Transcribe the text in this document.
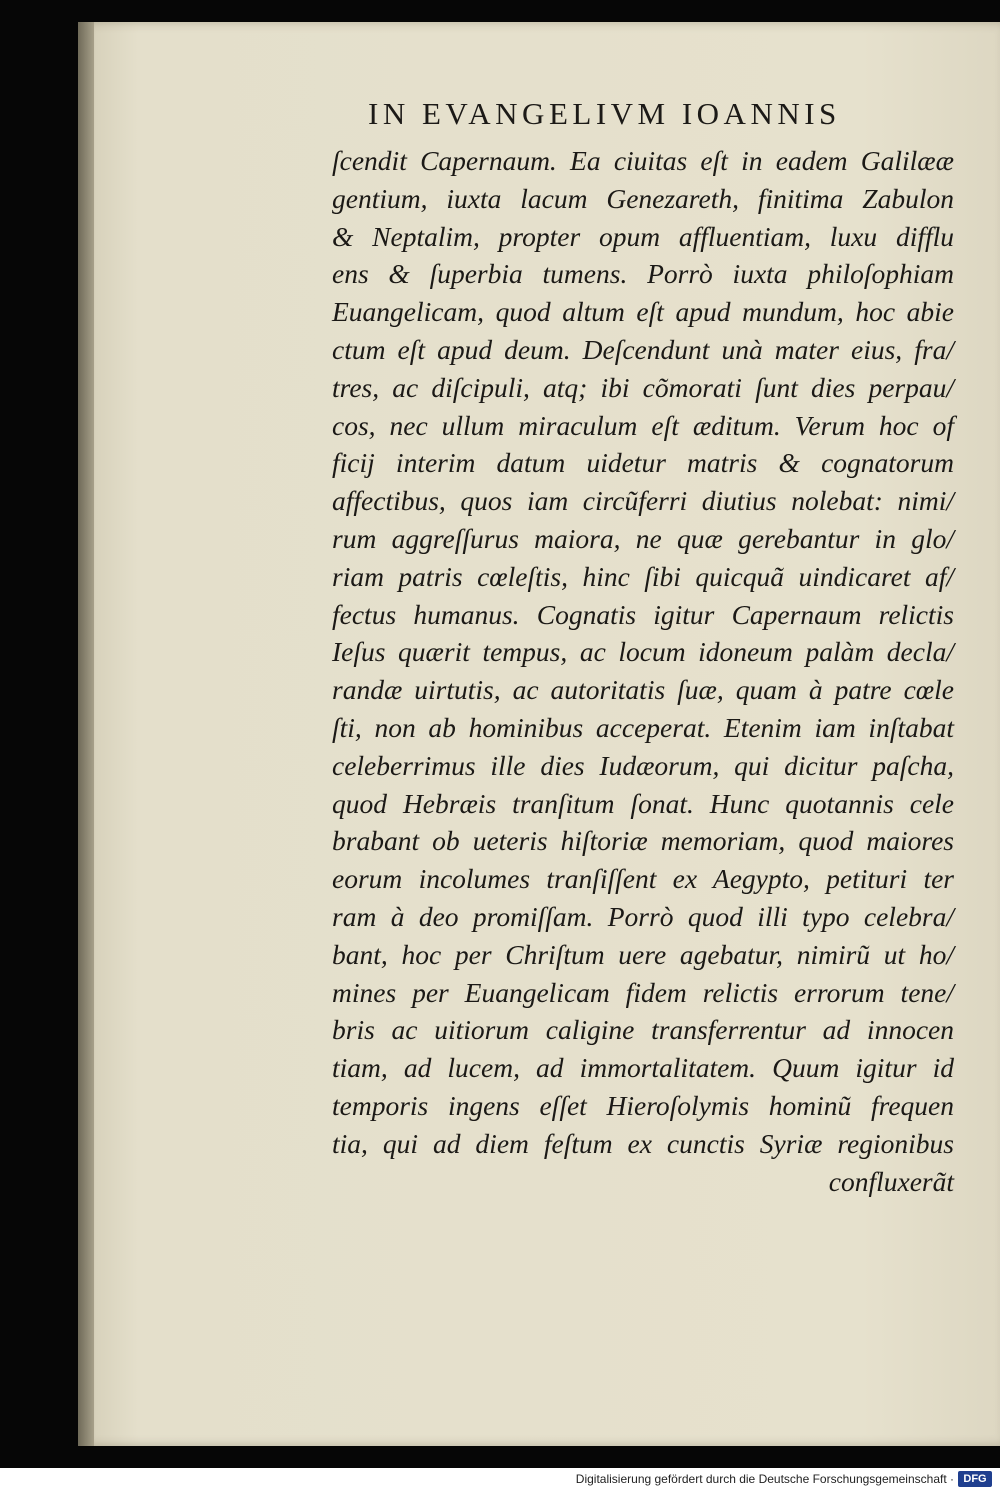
IN EVANGELIVM IOANNIS
ſcendit Capernaum. Ea ciuitas eſt in eadem Galilææ
gentium, iuxta lacum Genezareth, finitima Zabulon
& Neptalim, propter opum affluentiam, luxu difflu
ens & ſuperbia tumens. Porrò iuxta philoſophiam
Euangelicam, quod altum eſt apud mundum, hoc abie
ctum eſt apud deum. Deſcendunt unà mater eius, fra/
tres, ac diſcipuli, atq; ibi cõmorati ſunt dies perpau/
cos, nec ullum miraculum eſt æditum. Verum hoc of
ficij interim datum uidetur matris & cognatorum
affectibus, quos iam circũferri diutius nolebat: nimi/
rum aggreſſurus maiora, ne quæ gerebantur in glo/
riam patris cœleſtis, hinc ſibi quicquã uindicaret af/
fectus humanus. Cognatis igitur Capernaum relictis
Ieſus quærit tempus, ac locum idoneum palàm decla/
randæ uirtutis, ac autoritatis ſuæ, quam à patre cœle
ſti, non ab hominibus acceperat. Etenim iam inſtabat
celeberrimus ille dies Iudæorum, qui dicitur paſcha,
quod Hebræis tranſitum ſonat. Hunc quotannis cele
brabant ob ueteris hiſtoriæ memoriam, quod maiores
eorum incolumes tranſiſſent ex Aegypto, petituri ter
ram à deo promiſſam. Porrò quod illi typo celebra/
bant, hoc per Chriſtum uere agebatur, nimirũ ut ho/
mines per Euangelicam fidem relictis errorum tene/
bris ac uitiorum caligine transferrentur ad innocen
tiam, ad lucem, ad immortalitatem. Quum igitur id
temporis ingens eſſet Hieroſolymis hominũ frequen
tia, qui ad diem feſtum ex cunctis Syriæ regionibus
confluxerãt
Digitalisierung gefördert durch die Deutsche Forschungsgemeinschaft · DFG
